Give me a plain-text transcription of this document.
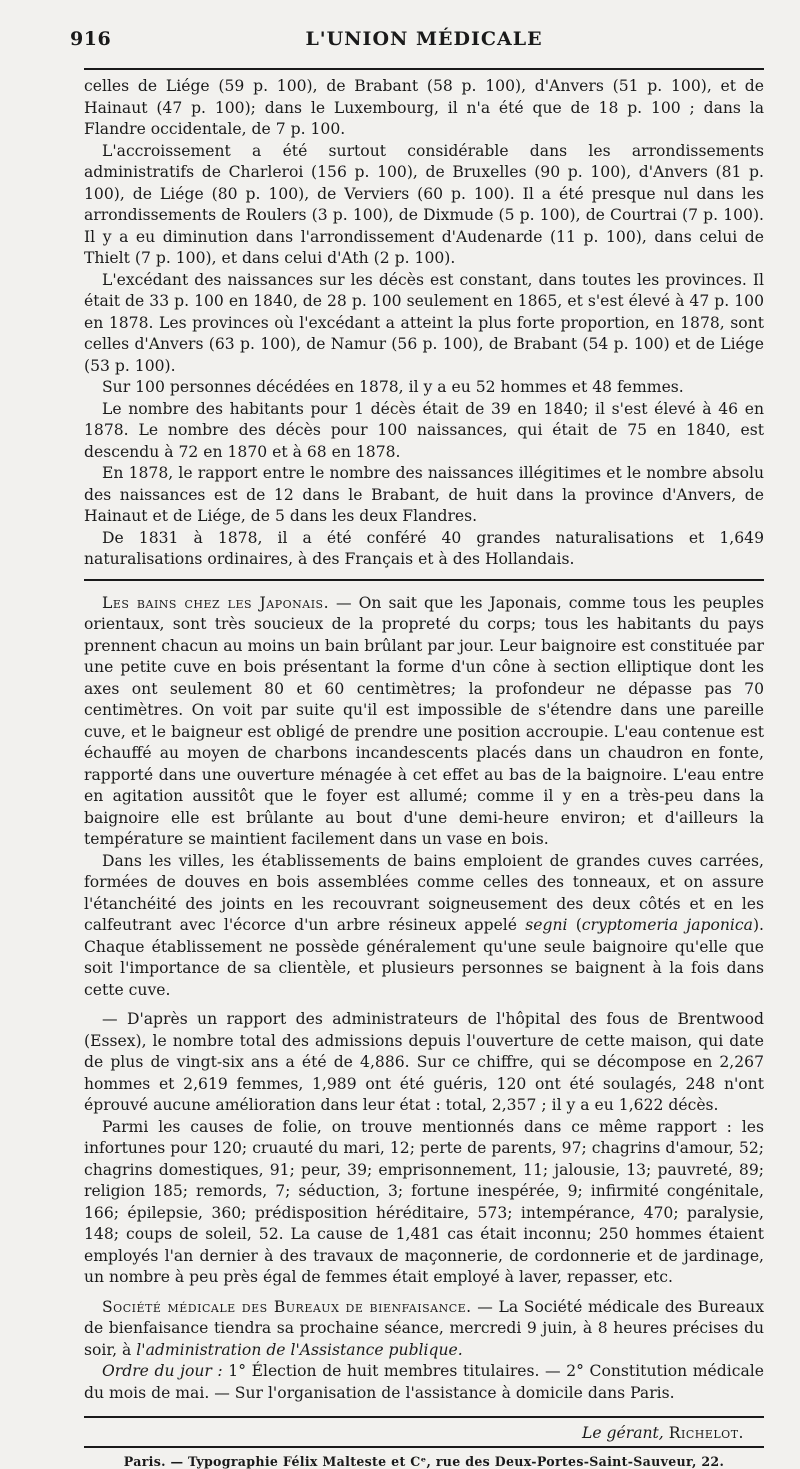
916	L'UNION MÉDICALE

celles de Liége (59 p. 100), de Brabant (58 p. 100), d'Anvers (51 p. 100), et de Hainaut (47 p. 100); dans le Luxembourg, il n'a été que de 18 p. 100 ; dans la Flandre occidentale, de 7 p. 100.

L'accroissement a été surtout considérable dans les arrondissements administratifs de Charleroi (156 p. 100), de Bruxelles (90 p. 100), d'Anvers (81 p. 100), de Liége (80 p. 100), de Verviers (60 p. 100). Il a été presque nul dans les arrondissements de Roulers (3 p. 100), de Dixmude (5 p. 100), de Courtrai (7 p. 100). Il y a eu diminution dans l'arrondissement d'Audenarde (11 p. 100), dans celui de Thielt (7 p. 100), et dans celui d'Ath (2 p. 100).

L'excédant des naissances sur les décès est constant, dans toutes les provinces. Il était de 33 p. 100 en 1840, de 28 p. 100 seulement en 1865, et s'est élevé à 47 p. 100 en 1878. Les provinces où l'excédant a atteint la plus forte proportion, en 1878, sont celles d'Anvers (63 p. 100), de Namur (56 p. 100), de Brabant (54 p. 100) et de Liége (53 p. 100).

Sur 100 personnes décédées en 1878, il y a eu 52 hommes et 48 femmes.

Le nombre des habitants pour 1 décès était de 39 en 1840; il s'est élevé à 46 en 1878. Le nombre des décès pour 100 naissances, qui était de 75 en 1840, est descendu à 72 en 1870 et à 68 en 1878.

En 1878, le rapport entre le nombre des naissances illégitimes et le nombre absolu des naissances est de 12 dans le Brabant, de huit dans la province d'Anvers, de Hainaut et de Liége, de 5 dans les deux Flandres.

De 1831 à 1878, il a été conféré 40 grandes naturalisations et 1,649 naturalisations ordinaires, à des Français et à des Hollandais.

Les bains chez les Japonais. — On sait que les Japonais, comme tous les peuples orientaux, sont très soucieux de la propreté du corps; tous les habitants du pays prennent chacun au moins un bain brûlant par jour. Leur baignoire est constituée par une petite cuve en bois présentant la forme d'un cône à section elliptique dont les axes ont seulement 80 et 60 centimètres; la profondeur ne dépasse pas 70 centimètres. On voit par suite qu'il est impossible de s'étendre dans une pareille cuve, et le baigneur est obligé de prendre une position accroupie. L'eau contenue est échauffé au moyen de charbons incandescents placés dans un chaudron en fonte, rapporté dans une ouverture ménagée à cet effet au bas de la baignoire. L'eau entre en agitation aussitôt que le foyer est allumé; comme il y en a très-peu dans la baignoire elle est brûlante au bout d'une demi-heure environ; et d'ailleurs la température se maintient facilement dans un vase en bois.

Dans les villes, les établissements de bains emploient de grandes cuves carrées, formées de douves en bois assemblées comme celles des tonneaux, et on assure l'étanchéité des joints en les recouvrant soigneusement des deux côtés et en les calfeutrant avec l'écorce d'un arbre résineux appelé segni (cryptomeria japonica). Chaque établissement ne possède généralement qu'une seule baignoire qu'elle que soit l'importance de sa clientèle, et plusieurs personnes se baignent à la fois dans cette cuve.

— D'après un rapport des administrateurs de l'hôpital des fous de Brentwood (Essex), le nombre total des admissions depuis l'ouverture de cette maison, qui date de plus de vingt-six ans a été de 4,886. Sur ce chiffre, qui se décompose en 2,267 hommes et 2,619 femmes, 1,989 ont été guéris, 120 ont été soulagés, 248 n'ont éprouvé aucune amélioration dans leur état : total, 2,357 ; il y a eu 1,622 décès.

Parmi les causes de folie, on trouve mentionnés dans ce même rapport : les infortunes pour 120; cruauté du mari, 12; perte de parents, 97; chagrins d'amour, 52; chagrins domestiques, 91; peur, 39; emprisonnement, 11; jalousie, 13; pauvreté, 89; religion 185; remords, 7; séduction, 3; fortune inespérée, 9; infirmité congénitale, 166; épilepsie, 360; prédisposition héréditaire, 573; intempérance, 470; paralysie, 148; coups de soleil, 52. La cause de 1,481 cas était inconnu; 250 hommes étaient employés l'an dernier à des travaux de maçonnerie, de cordonnerie et de jardinage, un nombre à peu près égal de femmes était employé à laver, repasser, etc.

Société médicale des Bureaux de bienfaisance. — La Société médicale des Bureaux de bienfaisance tiendra sa prochaine séance, mercredi 9 juin, à 8 heures précises du soir, à l'administration de l'Assistance publique.

Ordre du jour : 1° Élection de huit membres titulaires. — 2° Constitution médicale du mois de mai. — Sur l'organisation de l'assistance à domicile dans Paris.

Le gérant, Richelot.
Paris. — Typographie Félix Malteste et Cᵉ, rue des Deux-Portes-Saint-Sauveur, 22.
